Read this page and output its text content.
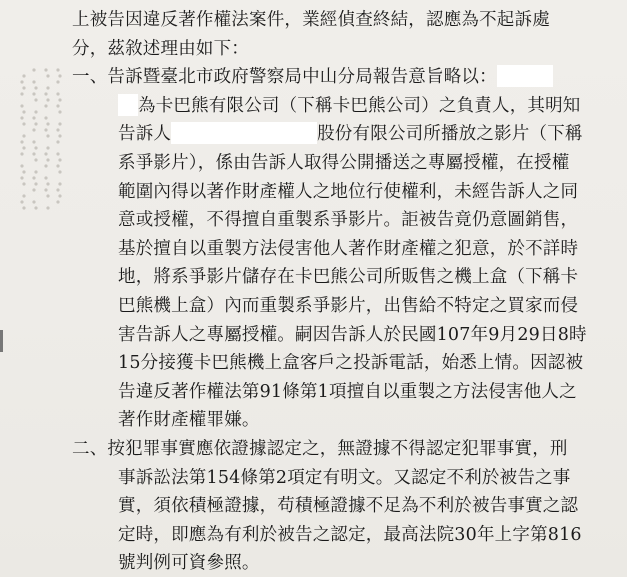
上被告因違反著作權法案件，業經偵查終結，認應為不起訴處
分，茲敘述理由如下：
一、告訴暨臺北市政府警察局中山分局報告意旨略以：
為卡巴熊有限公司（下稱卡巴熊公司）之負責人，其明知
告訴人	股份有限公司所播放之影片（下稱
系爭影片），係由告訴人取得公開播送之專屬授權，在授權
範圍內得以著作財產權人之地位行使權利，未經告訴人之同
意或授權，不得擅自重製系爭影片。詎被告竟仍意圖銷售，
基於擅自以重製方法侵害他人著作財產權之犯意，於不詳時
地，將系爭影片儲存在卡巴熊公司所販售之機上盒（下稱卡
巴熊機上盒）內而重製系爭影片，出售給不特定之買家而侵
害告訴人之專屬授權。嗣因告訴人於民國107年9月29日8時
15分接獲卡巴熊機上盒客戶之投訴電話，始悉上情。因認被
告違反著作權法第91條第1項擅自以重製之方法侵害他人之
著作財產權罪嫌。
二、按犯罪事實應依證據認定之，無證據不得認定犯罪事實，刑
事訴訟法第154條第2項定有明文。又認定不利於被告之事
實，須依積極證據，苟積極證據不足為不利於被告事實之認
定時，即應為有利於被告之認定，最高法院30年上字第816
號判例可資參照。
